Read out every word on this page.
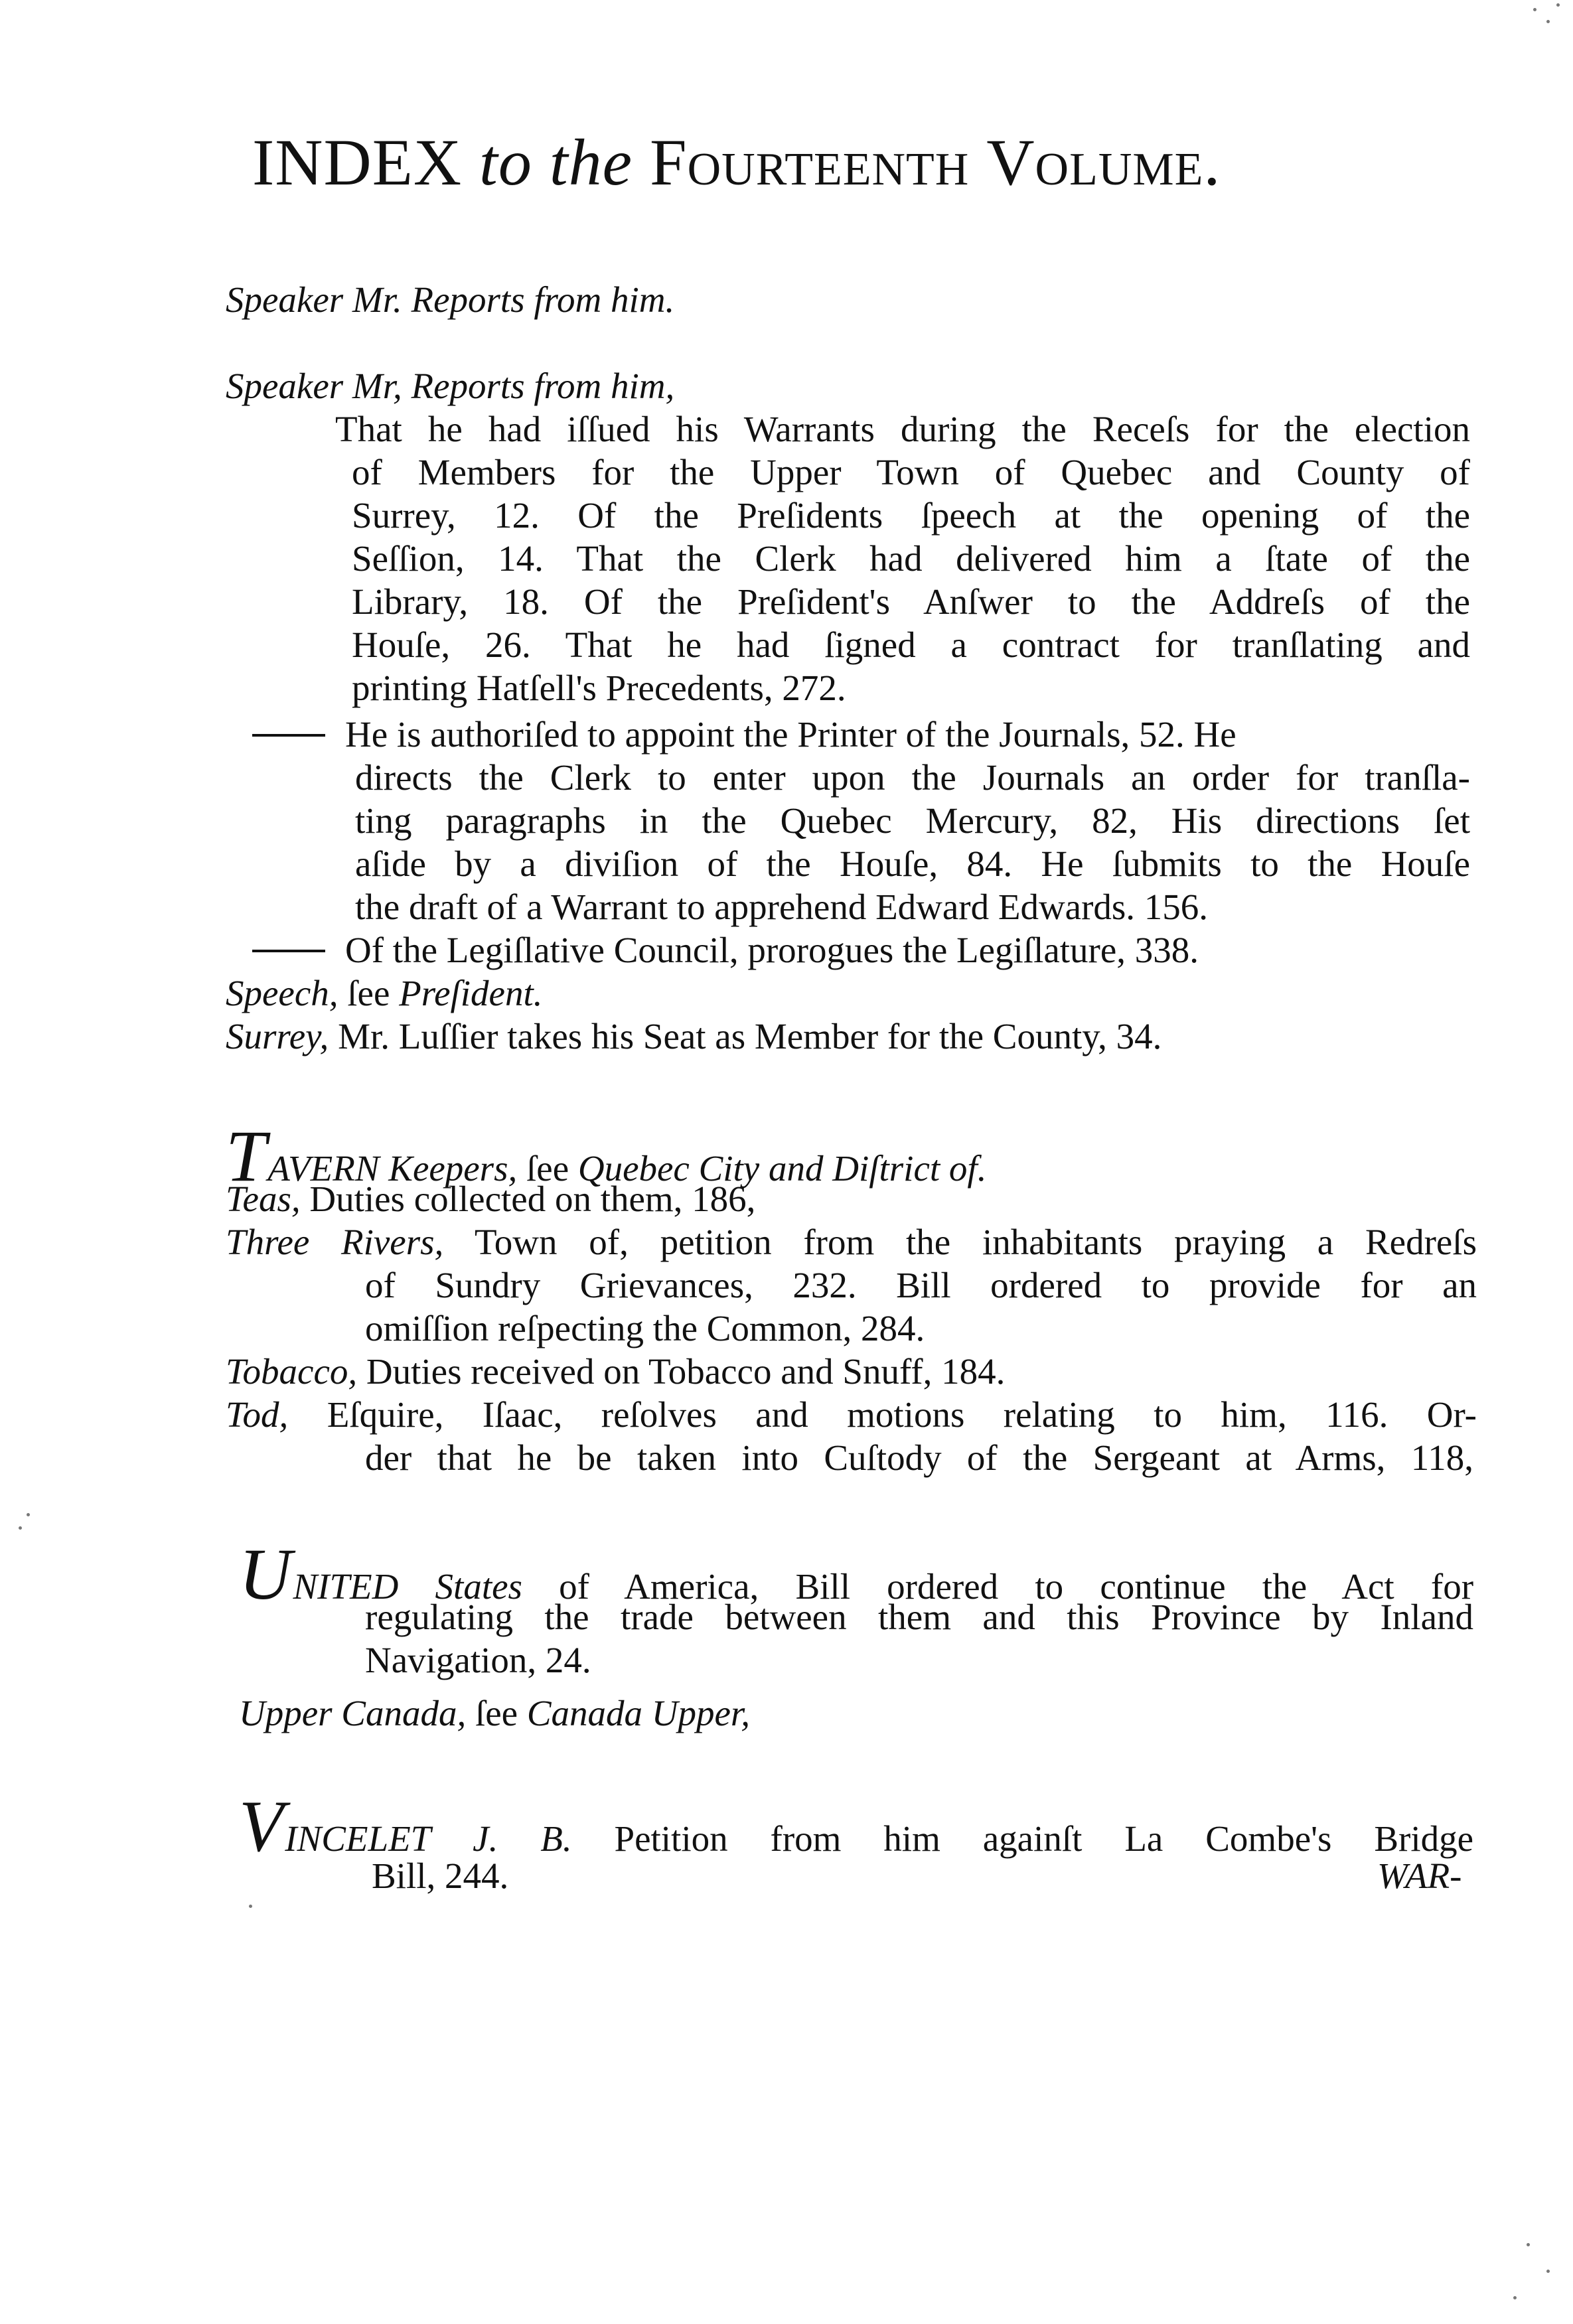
INDEX to the Fourteenth Volume.
Speaker Mr. Reports from him.
Speaker Mr, Reports from him,
That he had iſſued his Warrants during the Receſs for the election
of Members for the Upper Town of Quebec and County of
Surrey, 12. Of the Preſidents ſpeech at the opening of the
Seſſion, 14. That the Clerk had delivered him a ſtate of the
Library, 18. Of the Preſident's Anſwer to the Addreſs of the
Houſe, 26. That he had ſigned a contract for tranſlating and
printing Hatſell's Precedents, 272.
He is authoriſed to appoint the Printer of the Journals, 52. He
directs the Clerk to enter upon the Journals an order for tranſla-
ting paragraphs in the Quebec Mercury, 82, His directions ſet
aſide by a diviſion of the Houſe, 84. He ſubmits to the Houſe
the draft of a Warrant to apprehend Edward Edwards. 156.
Of the Legiſlative Council, prorogues the Legiſlature, 338.
Speech, ſee Preſident.
Surrey, Mr. Luſſier takes his Seat as Member for the County, 34.
TAVERN Keepers, ſee Quebec City and Diſtrict of.
Teas, Duties collected on them, 186,
Three Rivers, Town of, petition from the inhabitants praying a Redreſs
of Sundry Grievances, 232. Bill ordered to provide for an
omiſſion reſpecting the Common, 284.
Tobacco, Duties received on Tobacco and Snuff, 184.
Tod, Eſquire, Iſaac, reſolves and motions relating to him, 116. Or-
der that he be taken into Cuſtody of the Sergeant at Arms, 118,
UNITED States of America, Bill ordered to continue the Act for
regulating the trade between them and this Province by Inland
Navigation, 24.
Upper Canada, ſee Canada Upper,
VINCELET J. B. Petition from him againſt La Combe's Bridge
Bill, 244.	WAR-
